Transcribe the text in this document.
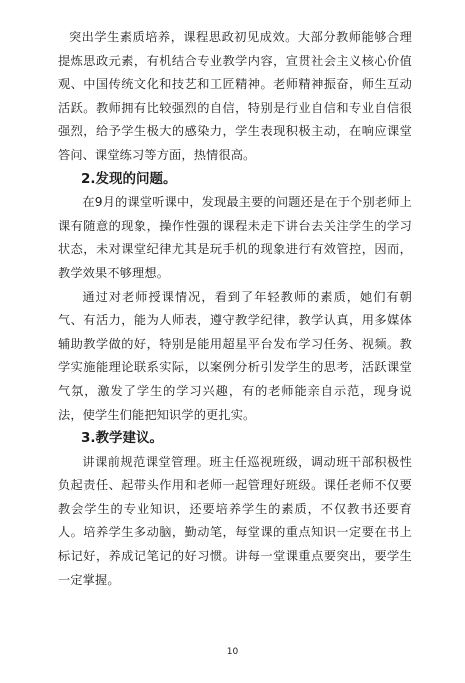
突出学生素质培养，课程思政初见成效。大部分教师能够合理提炼思政元素，有机结合专业教学内容，宣贯社会主义核心价值观、中国传统文化和技艺和工匠精神。老师精神振奋，师生互动活跃。教师拥有比较强烈的自信，特别是行业自信和专业自信很强烈，给予学生极大的感染力，学生表现积极主动，在响应课堂答问、课堂练习等方面，热情很高。

2.发现的问题。

在9月的课堂听课中，发现最主要的问题还是在于个别老师上课有随意的现象，操作性强的课程未走下讲台去关注学生的学习状态，未对课堂纪律尤其是玩手机的现象进行有效管控，因而，教学效果不够理想。

通过对老师授课情况，看到了年轻教师的素质，她们有朝气、有活力，能为人师表，遵守教学纪律，教学认真，用多媒体辅助教学做的好，特别是能用超星平台发布学习任务、视频。教学实施能理论联系实际，以案例分析引发学生的思考，活跃课堂气氛，激发了学生的学习兴趣，有的老师能亲自示范，现身说法，使学生们能把知识学的更扎实。

3.教学建议。

讲课前规范课堂管理。班主任巡视班级，调动班干部积极性负起责任、起带头作用和老师一起管理好班级。课任老师不仅要教会学生的专业知识，还要培养学生的素质，不仅教书还要育人。培养学生多动脑，勤动笔，每堂课的重点知识一定要在书上标记好，养成记笔记的好习惯。讲每一堂课重点要突出，要学生一定掌握。

10
